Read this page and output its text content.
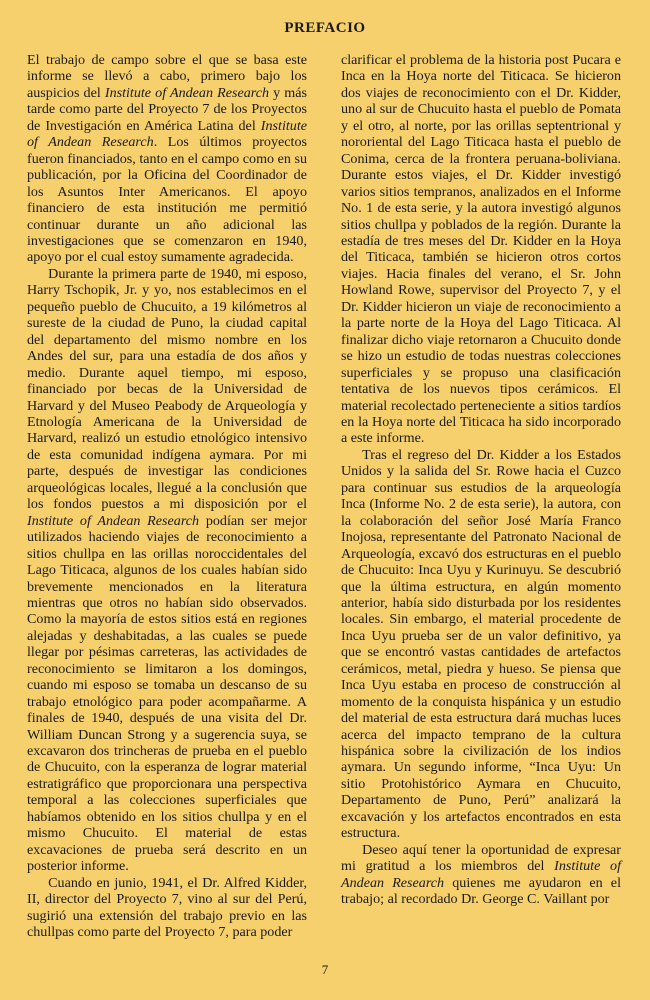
PREFACIO

El trabajo de campo sobre el que se basa este informe se llevó a cabo, primero bajo los auspicios del Institute of Andean Research y más tarde como parte del Proyecto 7 de los Proyectos de Investigación en América Latina del Institute of Andean Research. Los últimos proyectos fueron financiados, tanto en el campo como en su publicación, por la Oficina del Coordinador de los Asuntos Inter Americanos. El apoyo financiero de esta institución me permitió continuar durante un año adicional las investigaciones que se comenzaron en 1940, apoyo por el cual estoy sumamente agradecida.

Durante la primera parte de 1940, mi esposo, Harry Tschopik, Jr. y yo, nos establecimos en el pequeño pueblo de Chucuito, a 19 kilómetros al sureste de la ciudad de Puno, la ciudad capital del departamento del mismo nombre en los Andes del sur, para una estadía de dos años y medio. Durante aquel tiempo, mi esposo, financiado por becas de la Universidad de Harvard y del Museo Peabody de Arqueología y Etnología Americana de la Universidad de Harvard, realizó un estudio etnológico intensivo de esta comunidad indígena aymara. Por mi parte, después de investigar las condiciones arqueológicas locales, llegué a la conclusión que los fondos puestos a mi disposición por el Institute of Andean Research podían ser mejor utilizados haciendo viajes de reconocimiento a sitios chullpa en las orillas noroccidentales del Lago Titicaca, algunos de los cuales habían sido brevemente mencionados en la literatura mientras que otros no habían sido observados. Como la mayoría de estos sitios está en regiones alejadas y deshabitadas, a las cuales se puede llegar por pésimas carreteras, las actividades de reconocimiento se limitaron a los domingos, cuando mi esposo se tomaba un descanso de su trabajo etnológico para poder acompañarme. A finales de 1940, después de una visita del Dr. William Duncan Strong y a sugerencia suya, se excavaron dos trincheras de prueba en el pueblo de Chucuito, con la esperanza de lograr material estratigráfico que proporcionara una perspectiva temporal a las colecciones superficiales que habíamos obtenido en los sitios chullpa y en el mismo Chucuito. El material de estas excavaciones de prueba será descrito en un posterior informe.

Cuando en junio, 1941, el Dr. Alfred Kidder, II, director del Proyecto 7, vino al sur del Perú, sugirió una extensión del trabajo previo en las chullpas como parte del Proyecto 7, para poder

clarificar el problema de la historia post Pucara e Inca en la Hoya norte del Titicaca. Se hicieron dos viajes de reconocimiento con el Dr. Kidder, uno al sur de Chucuito hasta el pueblo de Pomata y el otro, al norte, por las orillas septentrional y nororiental del Lago Titicaca hasta el pueblo de Conima, cerca de la frontera peruana-boliviana. Durante estos viajes, el Dr. Kidder investigó varios sitios tempranos, analizados en el Informe No. 1 de esta serie, y la autora investigó algunos sitios chullpa y poblados de la región. Durante la estadía de tres meses del Dr. Kidder en la Hoya del Titicaca, también se hicieron otros cortos viajes. Hacia finales del verano, el Sr. John Howland Rowe, supervisor del Proyecto 7, y el Dr. Kidder hicieron un viaje de reconocimiento a la parte norte de la Hoya del Lago Titicaca. Al finalizar dicho viaje retornaron a Chucuito donde se hizo un estudio de todas nuestras colecciones superficiales y se propuso una clasificación tentativa de los nuevos tipos cerámicos. El material recolectado perteneciente a sitios tardíos en la Hoya norte del Titicaca ha sido incorporado a este informe.

Tras el regreso del Dr. Kidder a los Estados Unidos y la salida del Sr. Rowe hacia el Cuzco para continuar sus estudios de la arqueología Inca (Informe No. 2 de esta serie), la autora, con la colaboración del señor José María Franco Inojosa, representante del Patronato Nacional de Arqueología, excavó dos estructuras en el pueblo de Chucuito: Inca Uyu y Kurinuyu. Se descubrió que la última estructura, en algún momento anterior, había sido disturbada por los residentes locales. Sin embargo, el material procedente de Inca Uyu prueba ser de un valor definitivo, ya que se encontró vastas cantidades de artefactos cerámicos, metal, piedra y hueso. Se piensa que Inca Uyu estaba en proceso de construcción al momento de la conquista hispánica y un estudio del material de esta estructura dará muchas luces acerca del impacto temprano de la cultura hispánica sobre la civilización de los indios aymara. Un segundo informe, “Inca Uyu: Un sitio Protohistórico Aymara en Chucuito, Departamento de Puno, Perú” analizará la excavación y los artefactos encontrados en esta estructura.

Deseo aquí tener la oportunidad de expresar mi gratitud a los miembros del Institute of Andean Research quienes me ayudaron en el trabajo; al recordado Dr. George C. Vaillant por

7
